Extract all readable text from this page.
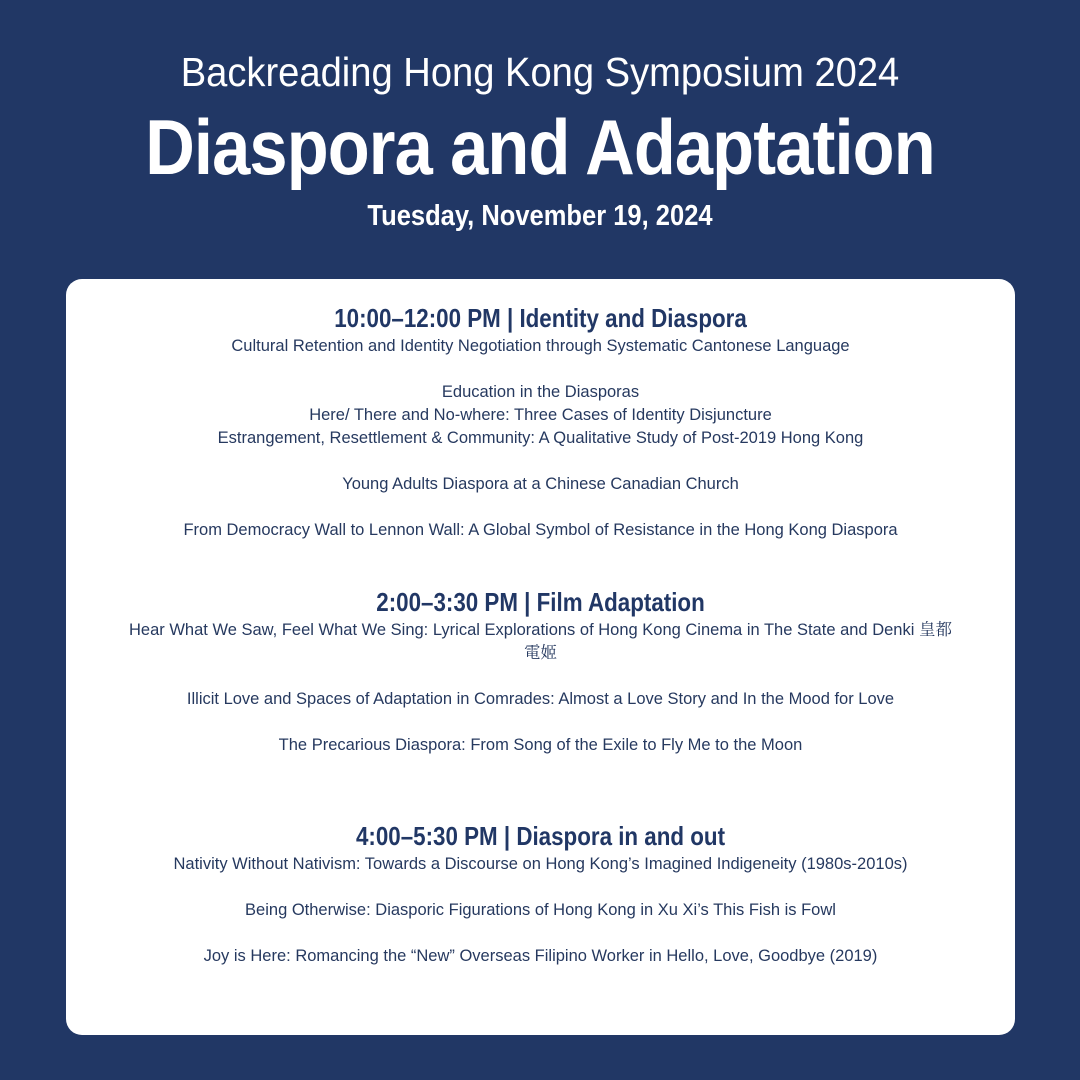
Backreading Hong Kong Symposium 2024
Diaspora and Adaptation
Tuesday, November 19, 2024
10:00–12:00 PM | Identity and Diaspora
Cultural Retention and Identity Negotiation through Systematic Cantonese Language
Education in the Diasporas
Here/ There and No-where: Three Cases of Identity Disjuncture
Estrangement, Resettlement & Community: A Qualitative Study of Post-2019 Hong Kong
Young Adults Diaspora at a Chinese Canadian Church
From Democracy Wall to Lennon Wall: A Global Symbol of Resistance in the Hong Kong Diaspora
2:00–3:30 PM | Film Adaptation
Hear What We Saw, Feel What We Sing: Lyrical Explorations of Hong Kong Cinema in The State and Denki 皇都電姬
Illicit Love and Spaces of Adaptation in Comrades: Almost a Love Story and In the Mood for Love
The Precarious Diaspora: From Song of the Exile to Fly Me to the Moon
4:00–5:30 PM | Diaspora in and out
Nativity Without Nativism: Towards a Discourse on Hong Kong’s Imagined Indigeneity (1980s-2010s)
Being Otherwise: Diasporic Figurations of Hong Kong in Xu Xi’s This Fish is Fowl
Joy is Here: Romancing the “New” Overseas Filipino Worker in Hello, Love, Goodbye (2019)
